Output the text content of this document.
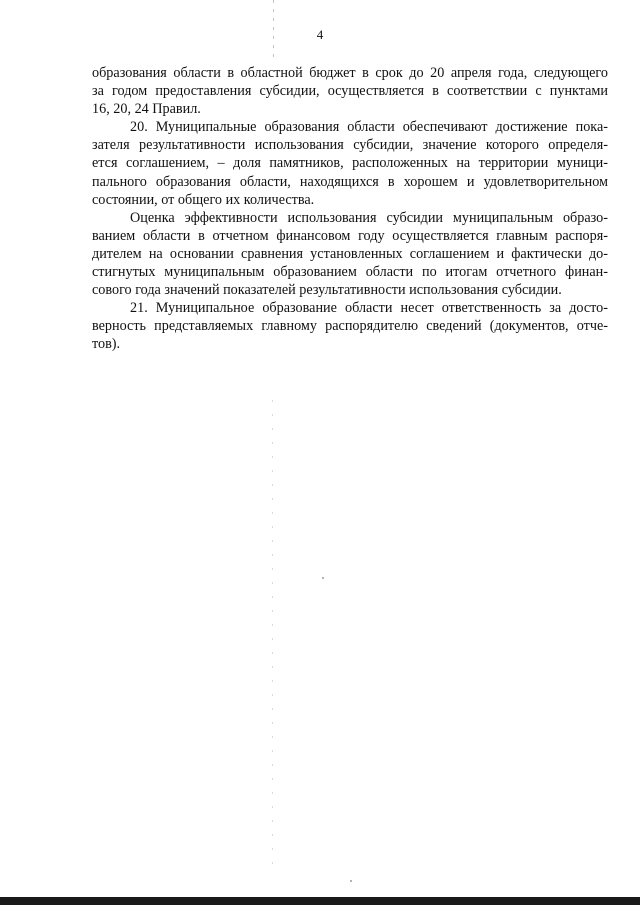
4

образования области в областной бюджет в срок до 20 апреля года, следующего
за годом предоставления субсидии, осуществляется в соответствии с пунктами
16, 20, 24 Правил.

20. Муниципальные образования области обеспечивают достижение пока-
зателя результативности использования субсидии, значение которого определя-
ется соглашением, – доля памятников, расположенных на территории муници-
пального образования области, находящихся в хорошем и удовлетворительном
состоянии, от общего их количества.

Оценка эффективности использования субсидии муниципальным образо-
ванием области в отчетном финансовом году осуществляется главным распоря-
дителем на основании сравнения установленных соглашением и фактически до-
стигнутых муниципальным образованием области по итогам отчетного финан-
сового года значений показателей результативности использования субсидии.

21. Муниципальное образование области несет ответственность за досто-
верность представляемых главному распорядителю сведений (документов, отче-
тов).
